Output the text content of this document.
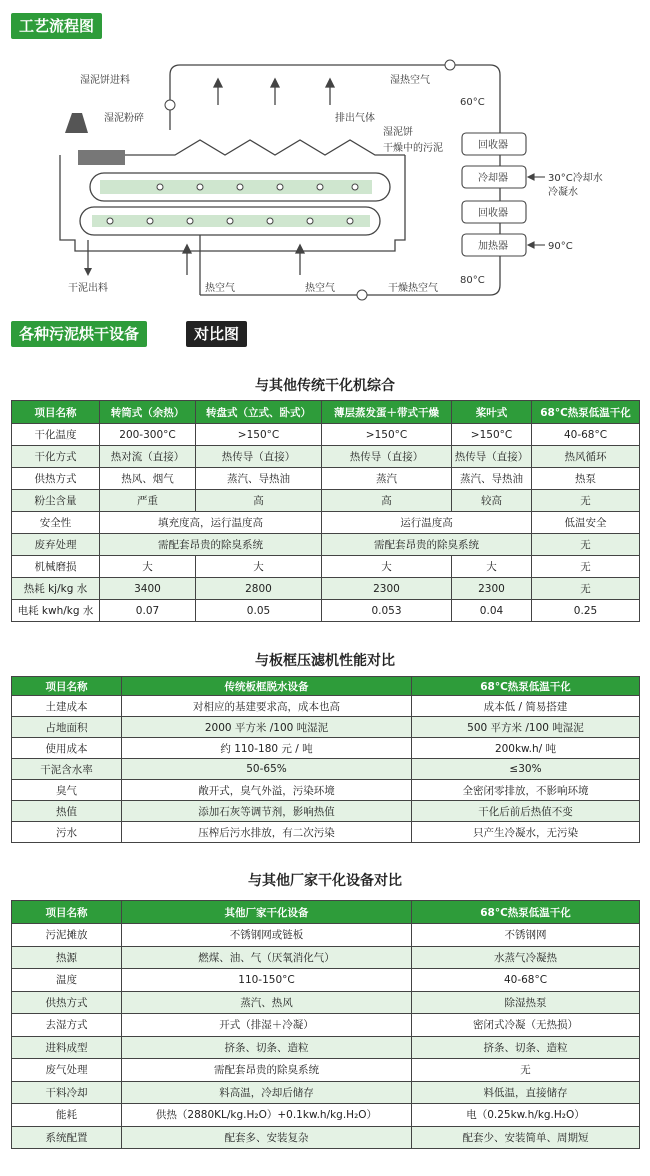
工艺流程图
湿泥饼进料
湿泥粉碎
湿热空气
排出气体
湿泥饼
干燥中的污泥
60°C
回收器
冷却器	30°C冷却水
冷凝水
回收器
加热器	90°C
80°C
干泥出料	热空气	热空气	干燥热空气
各种污泥烘干设备	对比图
与其他传统干化机综合
项目名称	转筒式（余热）	转盘式（立式、卧式）	薄层蒸发蛋＋带式干燥	桨叶式	68°C热泵低温干化
干化温度	200-300°C	>150°C	>150°C	>150°C	40-68°C
干化方式	热对流（直接）	热传导（直接）	热传导（直接）	热传导（直接）	热风循环
供热方式	热风、烟气	蒸汽、导热油	蒸汽	蒸汽、导热油	热泵
粉尘含量	严重	高	高	较高	无
安全性	填充度高，运行温度高		运行温度高		低温安全
废弃处理	需配套昂贵的除臭系统		需配套昂贵的除臭系统		无
机械磨损	大	大	大	大	无
热耗 kj/kg 水	3400	2800	2300	2300	无
电耗 kwh/kg 水	0.07	0.05	0.053	0.04	0.25
与板框压滤机性能对比
项目名称	传统板框脱水设备	68°C热泵低温干化
土建成本	对相应的基建要求高，成本也高	成本低 / 简易搭建
占地面积	2000 平方米 /100 吨湿泥	500 平方米 /100 吨湿泥
使用成本	约 110-180 元 / 吨	200kw.h/ 吨
干泥含水率	50-65%	≤30%
臭气	敞开式，臭气外溢，污染环境	全密闭零排放，不影响环境
热值	添加石灰等调节剂，影响热值	干化后前后热值不变
污水	压榨后污水排放，有二次污染	只产生冷凝水，无污染
与其他厂家干化设备对比
项目名称	其他厂家干化设备	68°C热泵低温干化
污泥摊放	不锈钢网或链板	不锈钢网
热源	燃煤、油、气（厌氧消化气）	水蒸气冷凝热
温度	110-150°C	40-68°C
供热方式	蒸汽、热风	除湿热泵
去湿方式	开式（排湿＋冷凝）	密闭式冷凝（无热损）
进料成型	挤条、切条、造粒	挤条、切条、造粒
废气处理	需配套昂贵的除臭系统	无
干料冷却	料高温，冷却后储存	料低温，直接储存
能耗	供热（2880KL/kg.H₂O）+0.1kw.h/kg.H₂O）	电（0.25kw.h/kg.H₂O）
系统配置	配套多、安装复杂	配套少、安装简单、周期短
